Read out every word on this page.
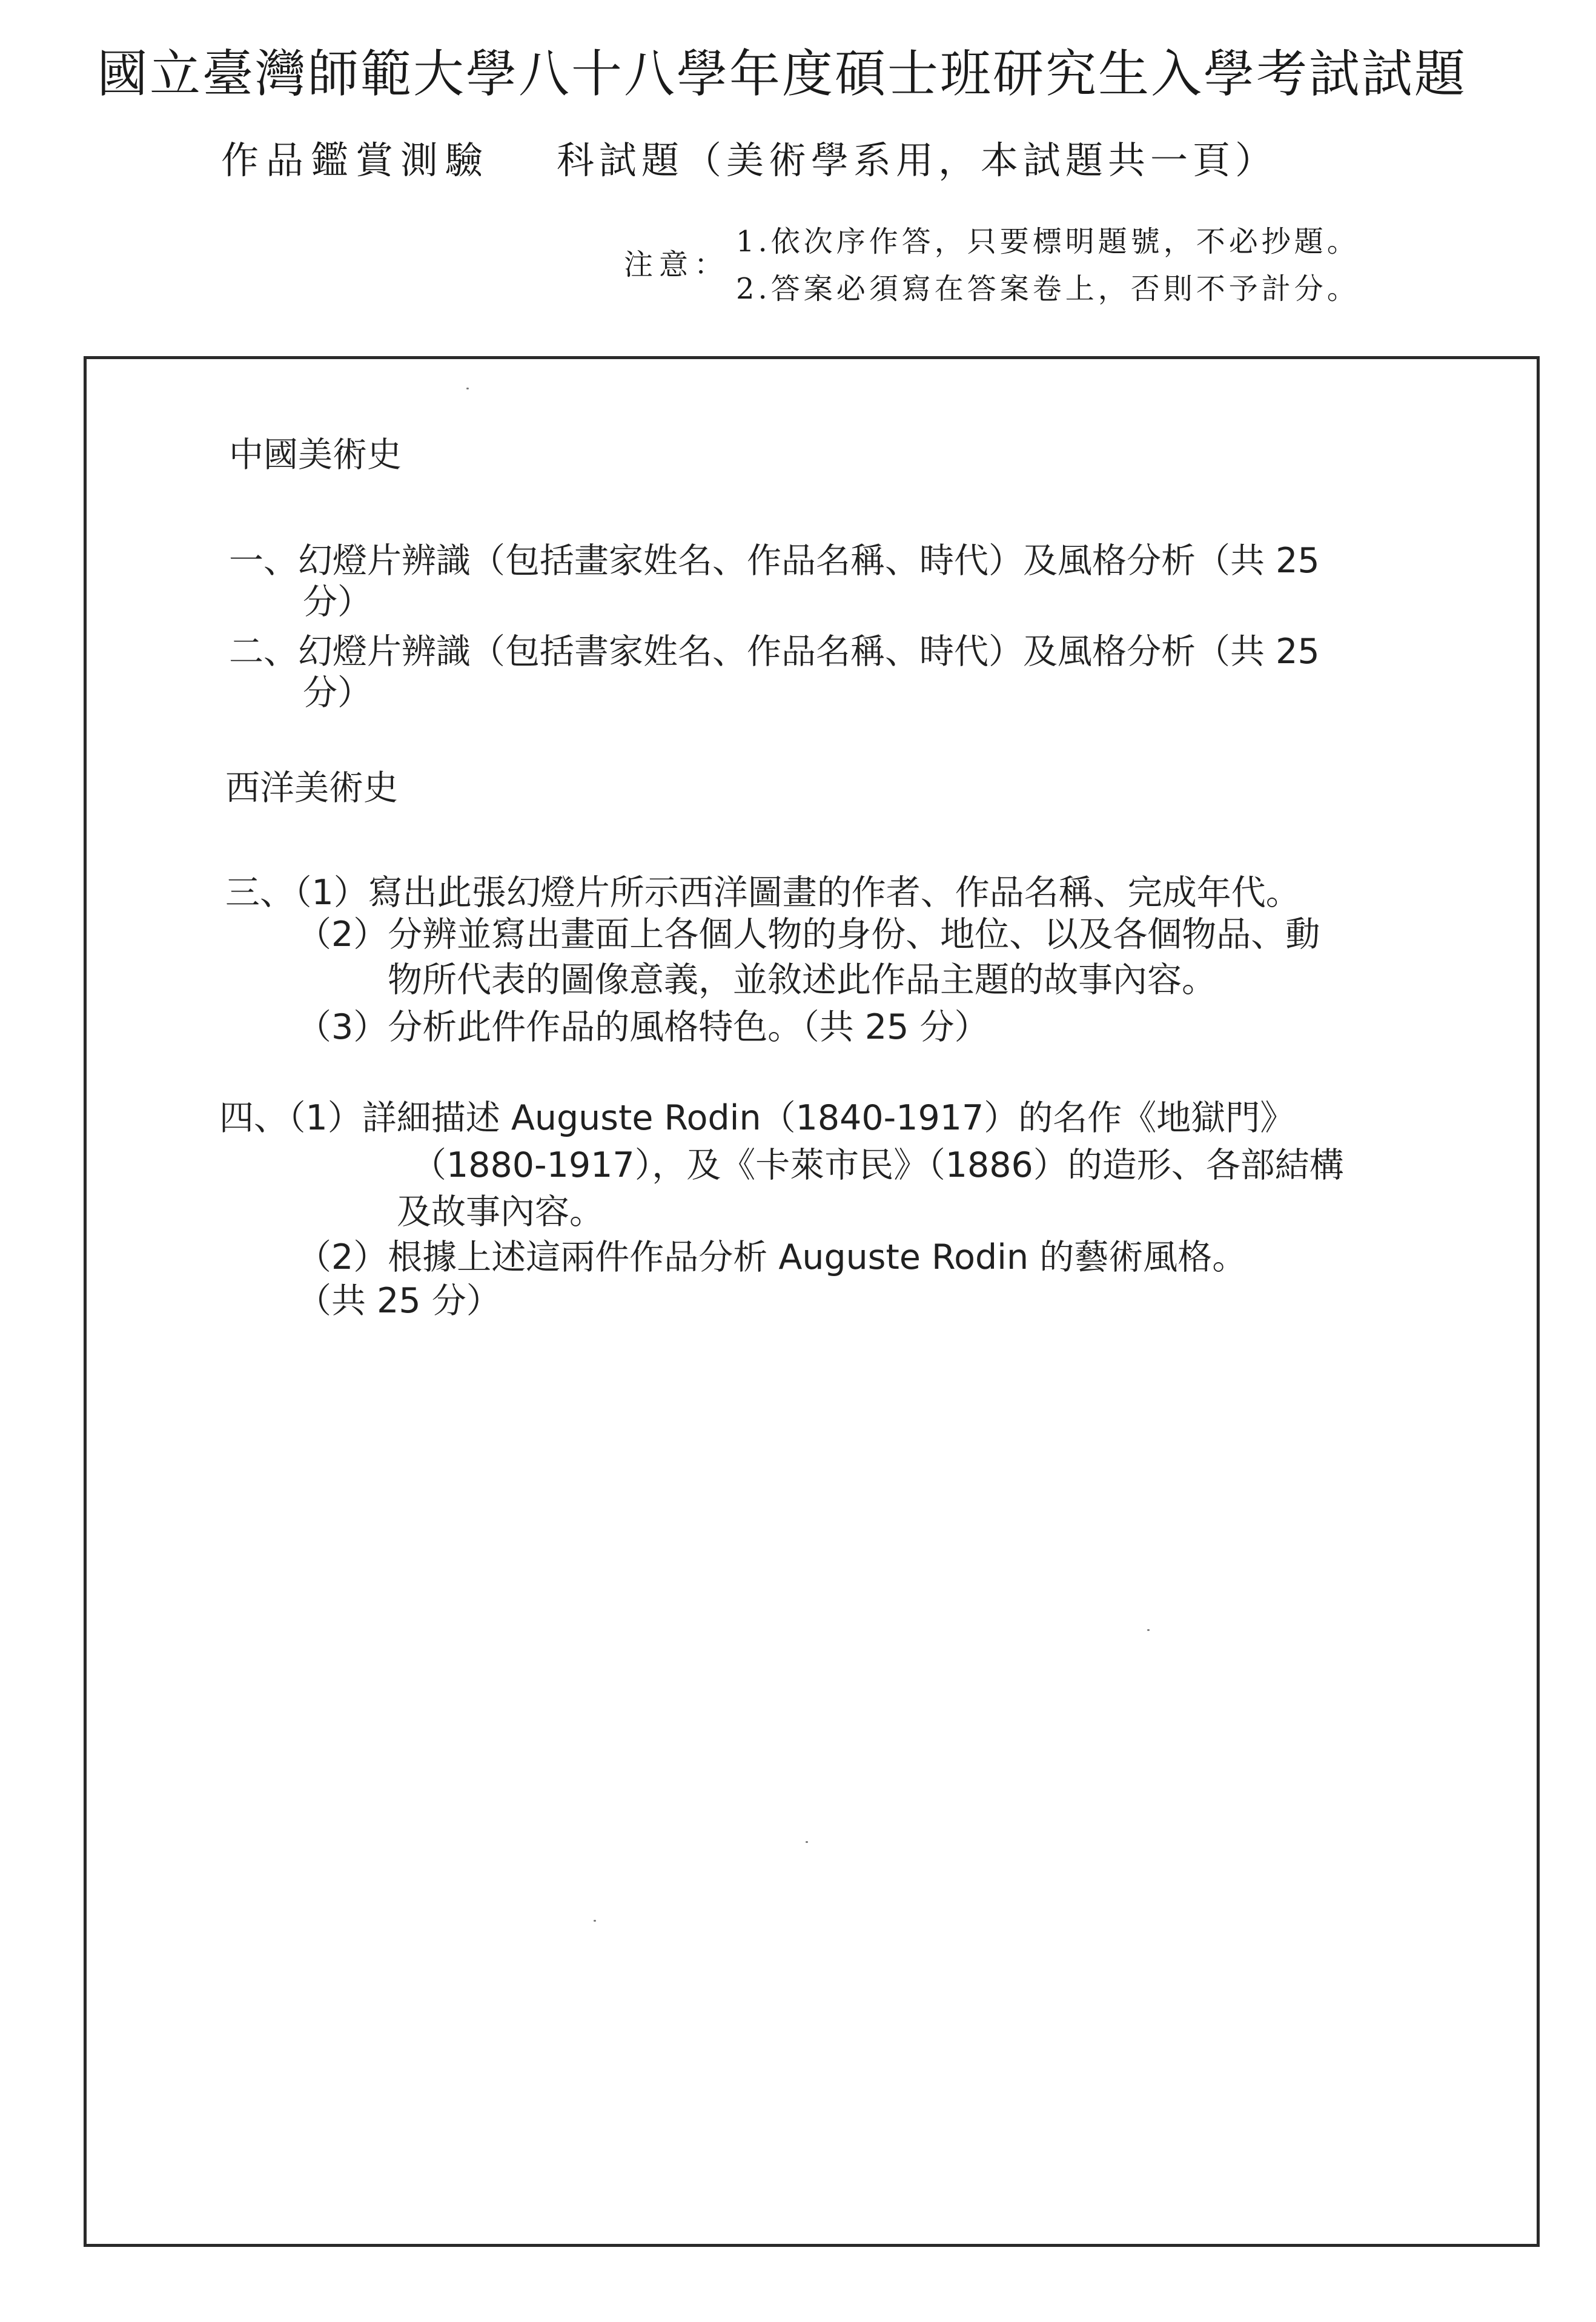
國立臺灣師範大學八十八學年度碩士班研究生入學考試試題
作品鑑賞測驗 科試題（美術學系用，本試題共一頁）
注意：
1.依次序作答，只要標明題號，不必抄題。
2.答案必須寫在答案卷上，否則不予計分。
中國美術史
一、幻燈片辨識（包括畫家姓名、作品名稱、時代）及風格分析（共 25
分）
二、幻燈片辨識（包括書家姓名、作品名稱、時代）及風格分析（共 25
分）
西洋美術史
三、（1）寫出此張幻燈片所示西洋圖畫的作者、作品名稱、完成年代。
（2）分辨並寫出畫面上各個人物的身份、地位、以及各個物品、動
物所代表的圖像意義，並敘述此作品主題的故事內容。
（3）分析此件作品的風格特色。（共 25 分）
四、（1）詳細描述 Auguste Rodin（1840-1917）的名作《地獄門》
（1880-1917），及《卡萊市民》（1886）的造形、各部結構
及故事內容。
（2）根據上述這兩件作品分析 Auguste Rodin 的藝術風格。
（共 25 分）
